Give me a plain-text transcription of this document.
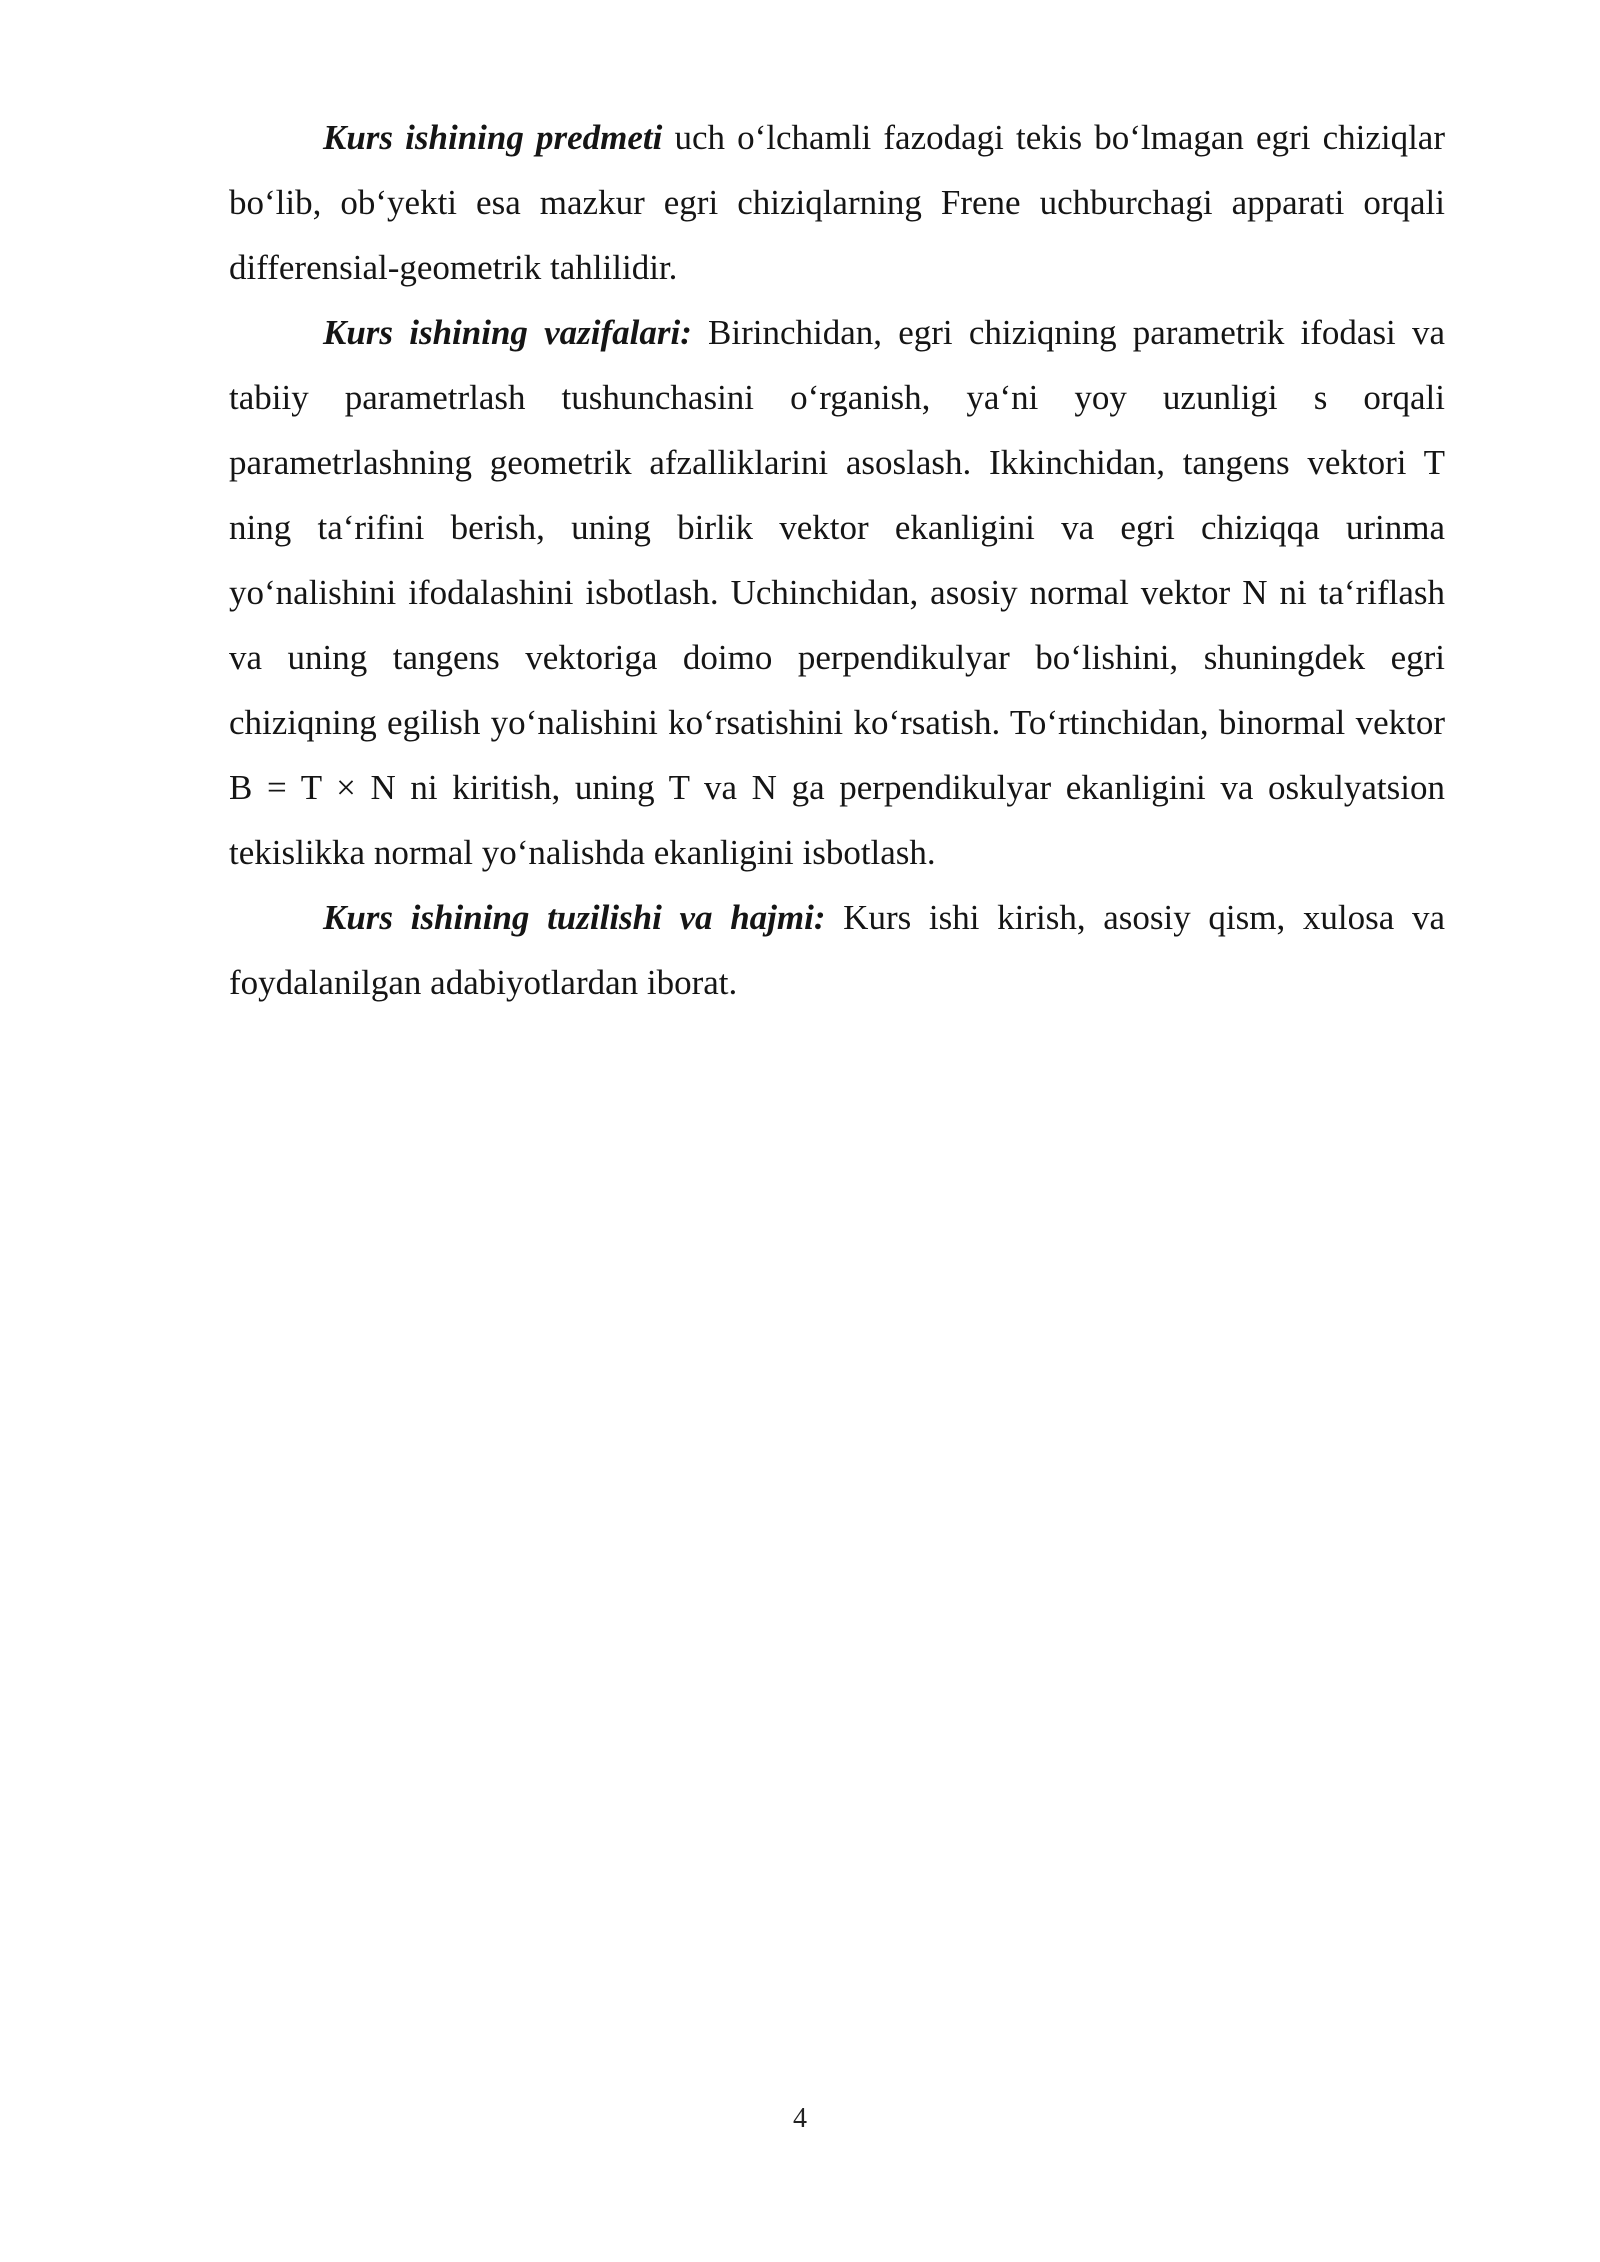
Kurs ishining predmeti uch o‘lchamli fazodagi tekis bo‘lmagan egri chiziqlar bo‘lib, ob‘yekti esa mazkur egri chiziqlarning Frene uchburchagi apparati orqali differensial-geometrik tahlilidir.

Kurs ishining vazifalari: Birinchidan, egri chiziqning parametrik ifodasi va tabiiy parametrlash tushunchasini o‘rganish, ya‘ni yoy uzunligi s orqali parametrlashning geometrik afzalliklarini asoslash. Ikkinchidan, tangens vektori T ning ta‘rifini berish, uning birlik vektor ekanligini va egri chiziqqa urinma yo‘nalishini ifodalashini isbotlash. Uchinchidan, asosiy normal vektor N ni ta‘riflash va uning tangens vektoriga doimo perpendikulyar bo‘lishini, shuningdek egri chiziqning egilish yo‘nalishini ko‘rsatishini ko‘rsatish. To‘rtinchidan, binormal vektor B = T × N ni kiritish, uning T va N ga perpendikulyar ekanligini va oskulyatsion tekislikka normal yo‘nalishda ekanligini isbotlash.

Kurs ishining tuzilishi va hajmi: Kurs ishi kirish, asosiy qism, xulosa va foydalanilgan adabiyotlardan iborat.

4
